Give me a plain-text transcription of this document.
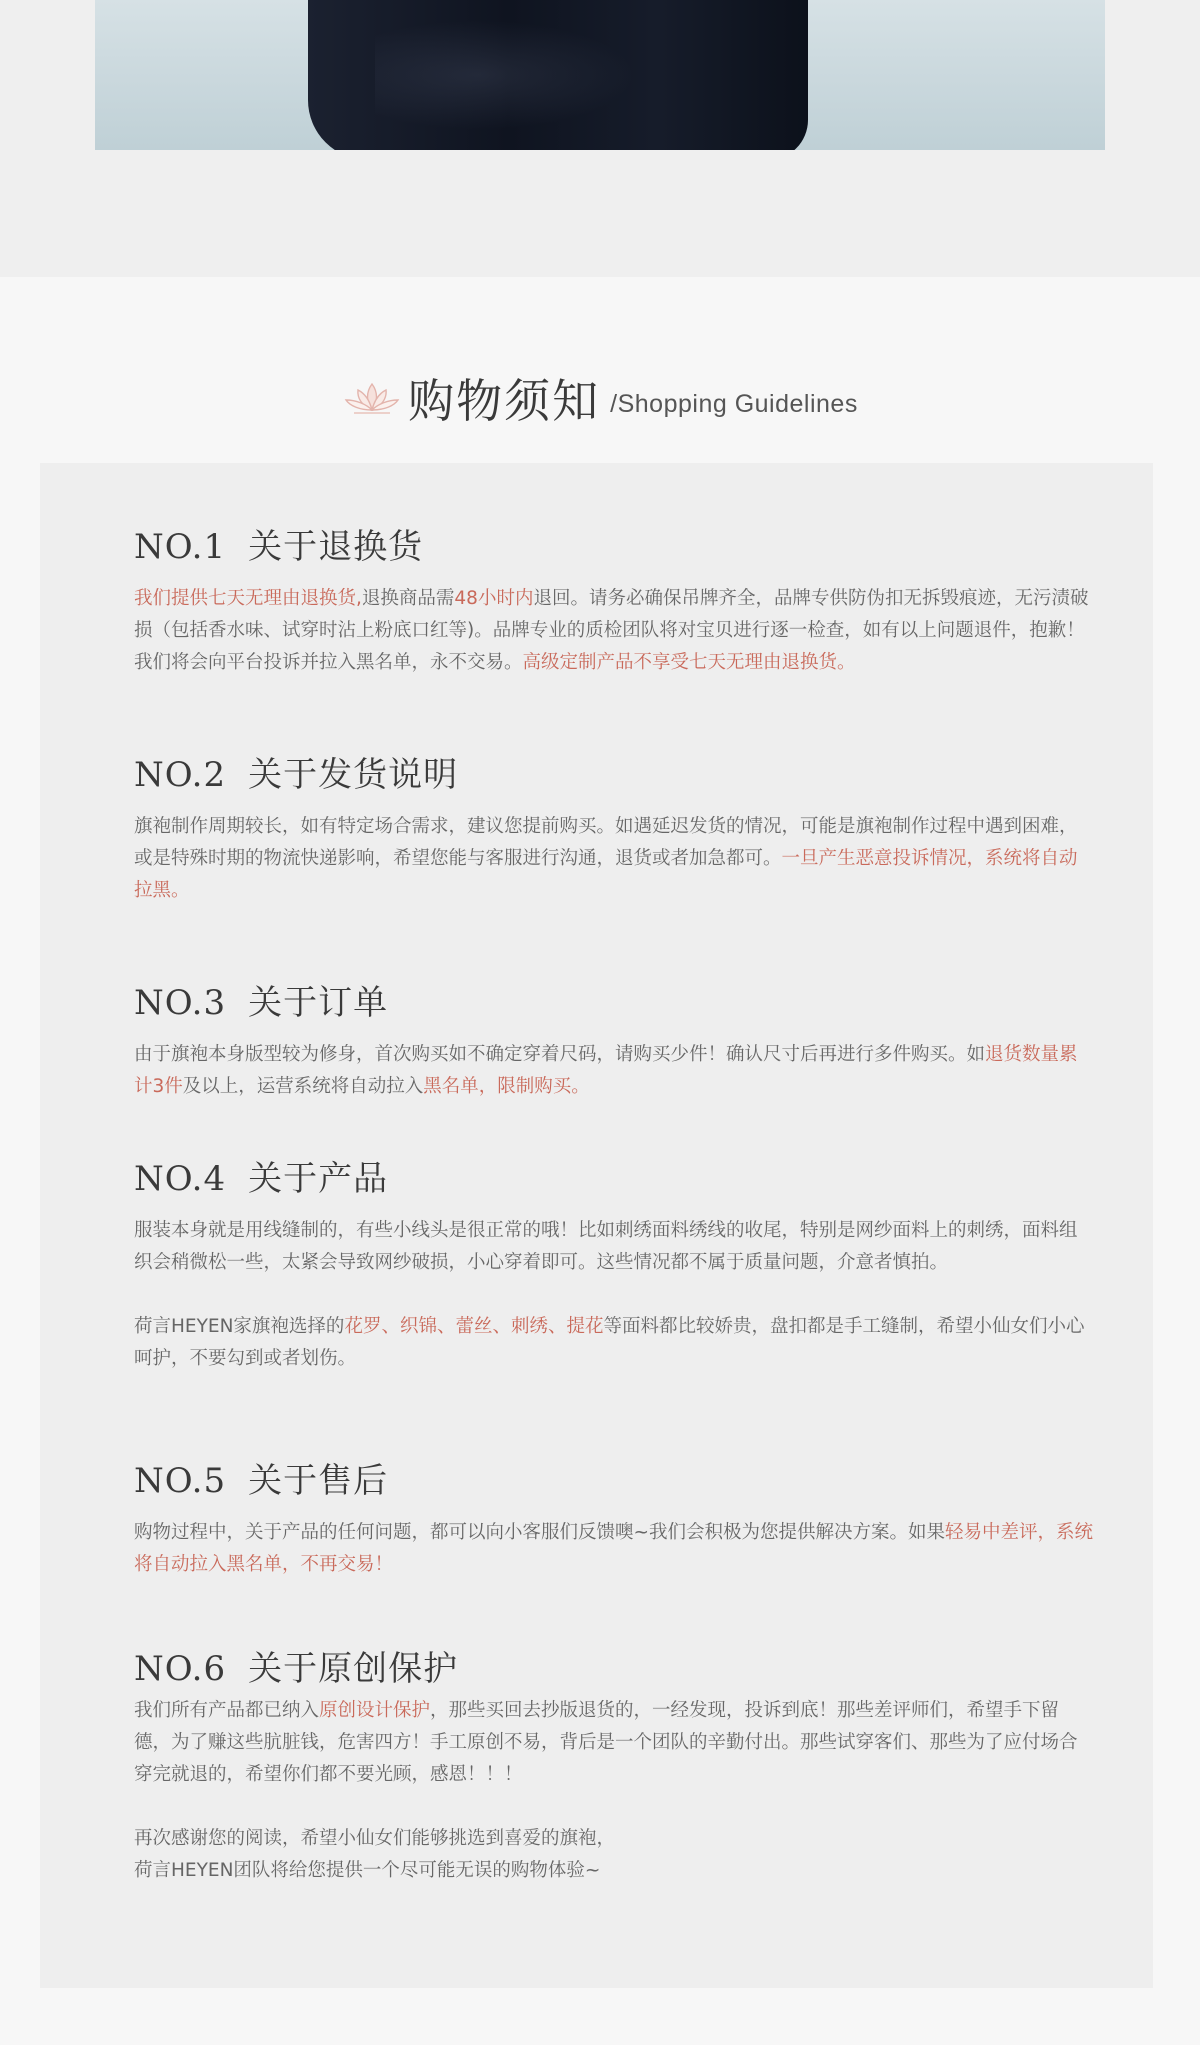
购物须知 /Shopping Guidelines
NO.1 关于退换货

我们提供七天无理由退换货,退换商品需48小时内退回。请务必确保吊牌齐全，品牌专供防伪扣无拆毁痕迹，无污渍破损（包括香水味、试穿时沾上粉底口红等)。品牌专业的质检团队将对宝贝进行逐一检查，如有以上问题退件，抱歉！我们将会向平台投诉并拉入黑名单，永不交易。高级定制产品不享受七天无理由退换货。

NO.2 关于发货说明

旗袍制作周期较长，如有特定场合需求，建议您提前购买。如遇延迟发货的情况，可能是旗袍制作过程中遇到困难，或是特殊时期的物流快递影响，希望您能与客服进行沟通，退货或者加急都可。一旦产生恶意投诉情况，系统将自动拉黑。

NO.3 关于订单

由于旗袍本身版型较为修身，首次购买如不确定穿着尺码，请购买少件！确认尺寸后再进行多件购买。如退货数量累计3件及以上，运营系统将自动拉入黑名单，限制购买。

NO.4 关于产品

服装本身就是用线缝制的，有些小线头是很正常的哦！比如刺绣面料绣线的收尾，特别是网纱面料上的刺绣，面料组织会稍微松一些，太紧会导致网纱破损，小心穿着即可。这些情况都不属于质量问题，介意者慎拍。

荷言HEYEN家旗袍选择的花罗、织锦、蕾丝、刺绣、提花等面料都比较娇贵，盘扣都是手工缝制，希望小仙女们小心呵护，不要勾到或者划伤。

NO.5 关于售后

购物过程中，关于产品的任何问题，都可以向小客服们反馈噢~我们会积极为您提供解决方案。如果轻易中差评，系统将自动拉入黑名单，不再交易！

NO.6 关于原创保护

我们所有产品都已纳入原创设计保护，那些买回去抄版退货的，一经发现，投诉到底！那些差评师们，希望手下留德，为了赚这些肮脏钱，危害四方！手工原创不易，背后是一个团队的辛勤付出。那些试穿客们、那些为了应付场合穿完就退的，希望你们都不要光顾，感恩！！！

再次感谢您的阅读，希望小仙女们能够挑选到喜爱的旗袍，
荷言HEYEN团队将给您提供一个尽可能无误的购物体验~
